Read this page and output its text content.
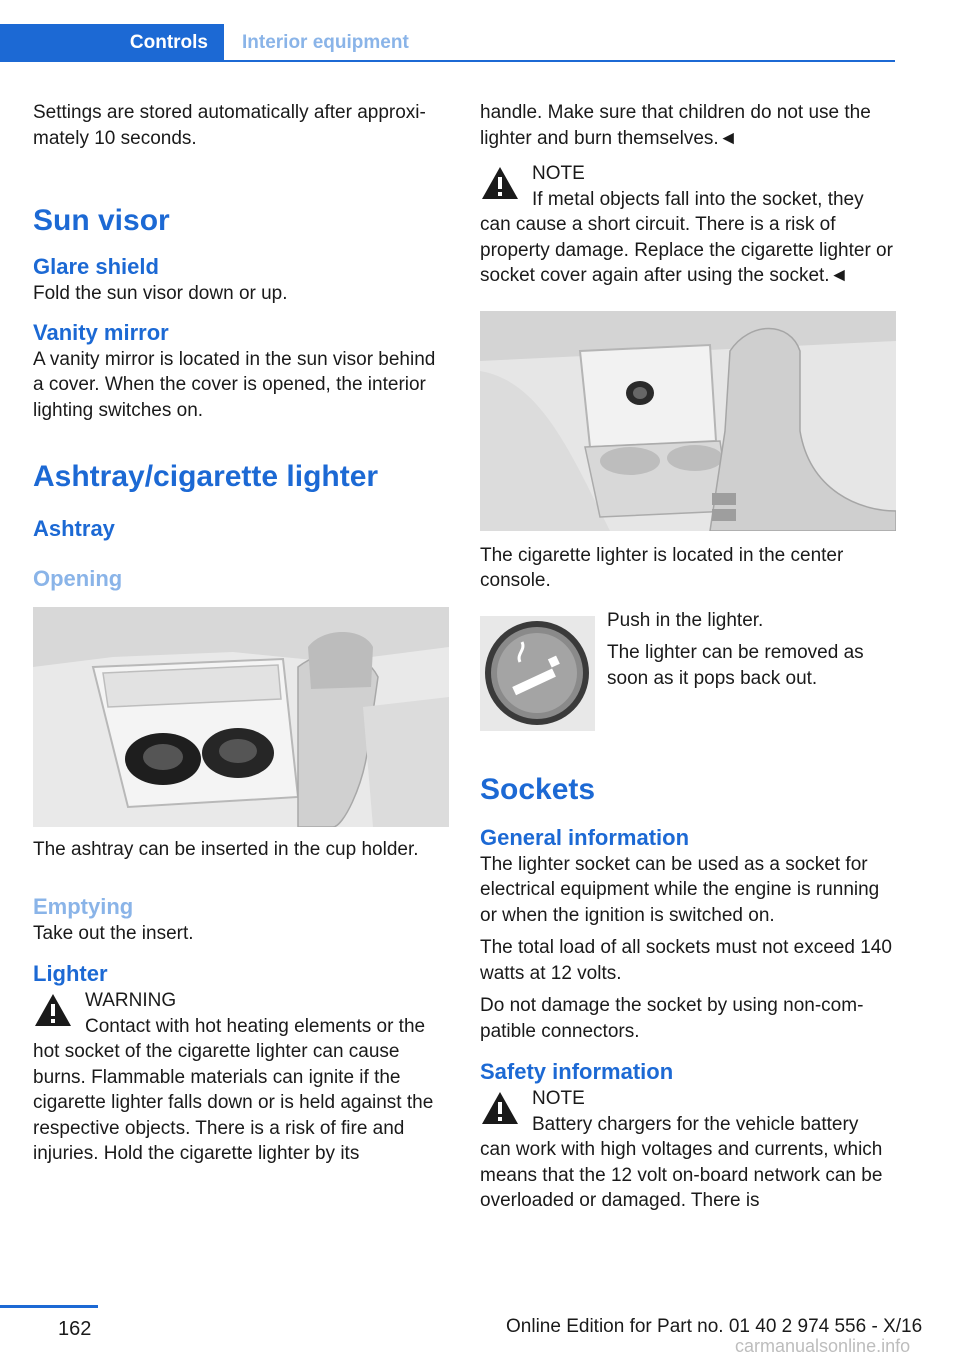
Controls	Interior equipment

Settings are stored automatically after approximately 10 seconds.

Sun visor
Glare shield

Fold the sun visor down or up.

Vanity mirror

A vanity mirror is located in the sun visor behind a cover. When the cover is opened, the interior lighting switches on.

Ashtray/cigarette lighter
Ashtray
Opening

The ashtray can be inserted in the cup holder.

Emptying

Take out the insert.

Lighter

WARNING

Contact with hot heating elements or the

hot socket of the cigarette lighter can cause burns. Flammable materials can ignite if the cigarette lighter falls down or is held against the respective objects. There is a risk of fire and injuries. Hold the cigarette lighter by its

handle. Make sure that children do not use the lighter and burn themselves.◄

NOTE

If metal objects fall into the socket, they

can cause a short circuit. There is a risk of property damage. Replace the cigarette lighter or socket cover again after using the socket.◄

The cigarette lighter is located in the center console.

Push in the lighter.

The lighter can be removed as soon as it pops back out.

Sockets
General information

The lighter socket can be used as a socket for electrical equipment while the engine is running or when the ignition is switched on.

The total load of all sockets must not exceed 140 watts at 12 volts.

Do not damage the socket by using non-compatible connectors.

Safety information

NOTE

Battery chargers for the vehicle battery

can work with high voltages and currents, which means that the 12 volt on-board network can be overloaded or damaged. There is

162	Online Edition for Part no. 01 40 2 974 556 - X/16
carmanualsonline.info
